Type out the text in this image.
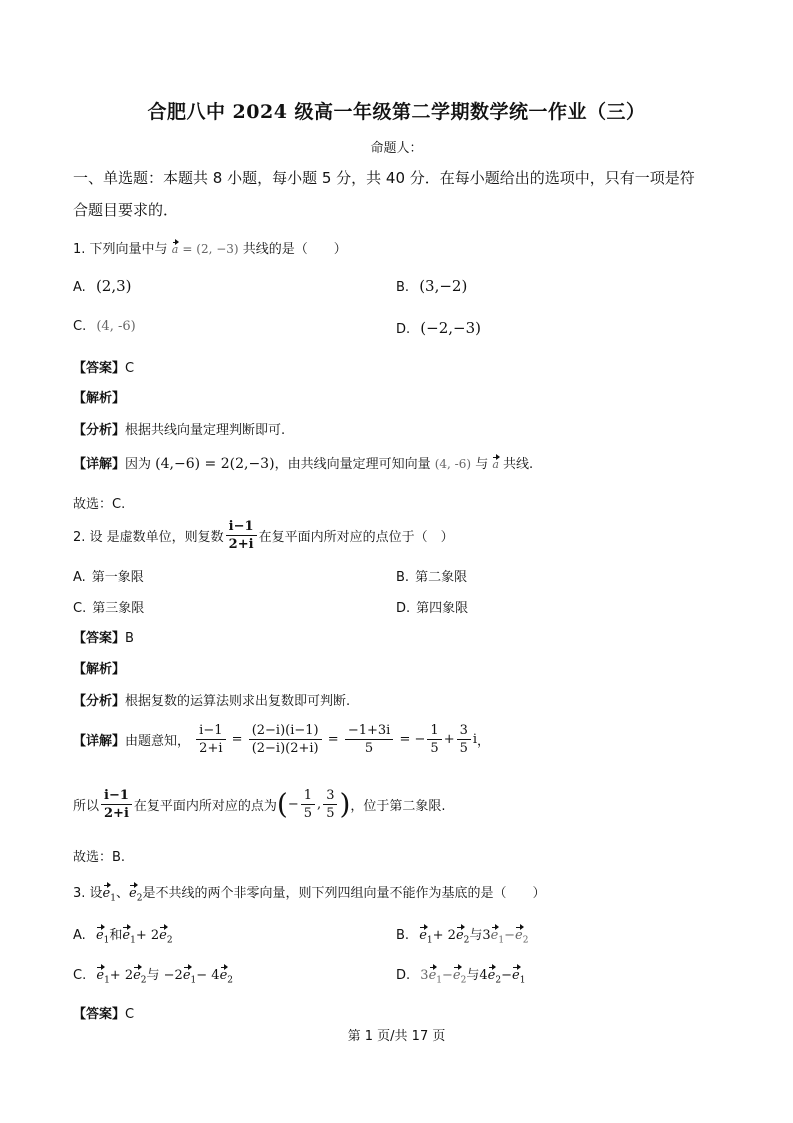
合肥八中 2024 级高一年级第二学期数学统一作业（三）
命题人：
一、单选题：本题共 8 小题，每小题 5 分，共 40 分．在每小题给出的选项中，只有一项是符
合题目要求的．
1. 下列向量中与 a = (2, −3) 共线的是（　　）
A. (2,3)	B. (3,−2)
C. (4, -6)	D. (−2,−3)
【答案】C
【解析】
【分析】根据共线向量定理判断即可.
【详解】因为 (4,−6) = 2(2,−3)，由共线向量定理可知向量 (4, -6) 与 a 共线.
故选：C.
2. 设 是虚数单位，则复数 $\frac{i-1}{2+i}$ 在复平面内所对应的点位于（　）
A. 第一象限	B. 第二象限
C. 第三象限	D. 第四象限
【答案】B
【解析】
【分析】根据复数的运算法则求出复数即可判断.
【详解】由题意知， $\frac{i-1}{2+i} = \frac{(2-i)(i-1)}{(2-i)(2+i)} = \frac{-1+3i}{5}$ = − $\frac{1}{5} + \frac{3}{5}$ i，
所以 $\frac{i-1}{2+i}$ 在复平面内所对应的点为(− $\frac{1}{5}$ , $\frac{3}{5}$ )，位于第二象限.
故选：B.
3. 设$e_1$、$e_2$是不共线的两个非零向量，则下列四组向量不能作为基底的是（　　）
A. $e_1$和$e_1+ 2e_2$	B. $e_1+ 2e_2$与$3e_1-e_2$
C. $e_1+ 2e_2$与 $-2e_1- 4e_2$	D. $3e_1-e_2$与$4e_2-e_1$
【答案】C
第 1 页/共 17 页
